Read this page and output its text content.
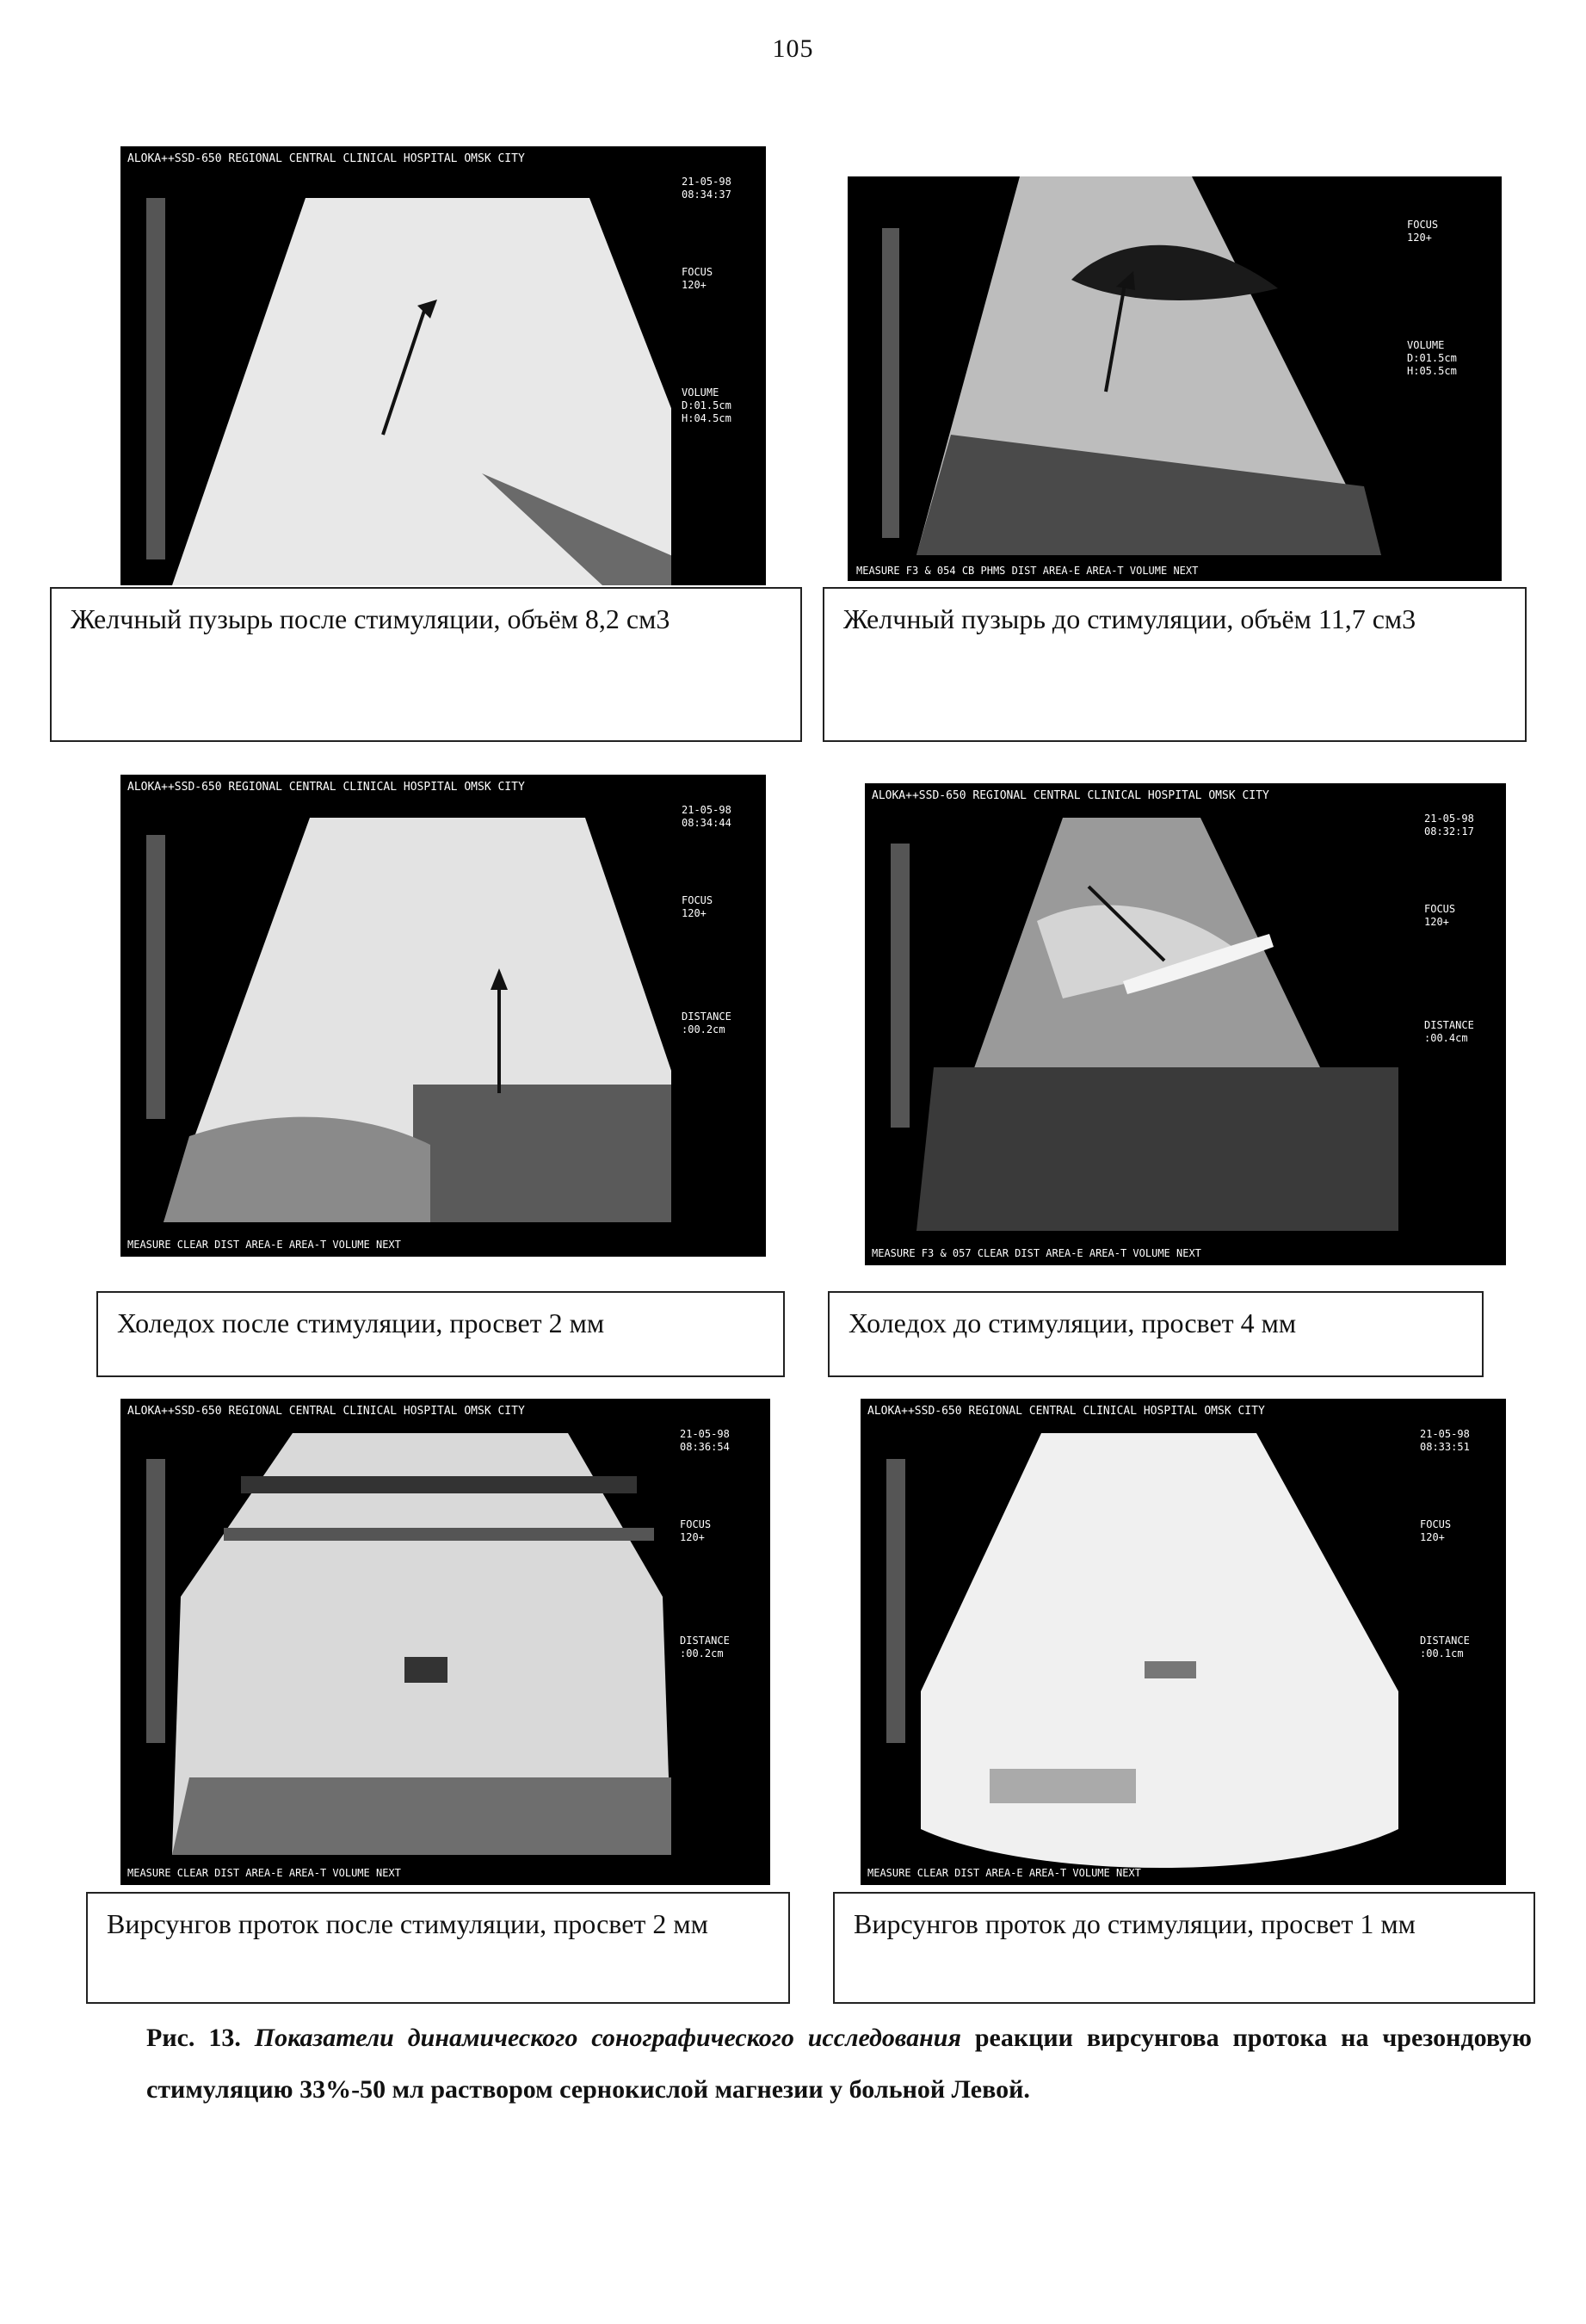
105
ALOKA++SSD-650 REGIONAL CENTRAL CLINICAL HOSPITAL OMSK CITY
21-05-98
08:34:37
FOCUS
120+
VOLUME
D:01.5cm
H:04.5cm
FOCUS
120+
VOLUME
D:01.5cm
H:05.5cm
MEASURE F3 & 054 CB PHMS DIST AREA-E AREA-T VOLUME NEXT
Желчный пузырь после стимуляции, объём 8,2 см3	Желчный пузырь до стимуляции, объём 11,7 см3
ALOKA++SSD-650 REGIONAL CENTRAL CLINICAL HOSPITAL OMSK CITY
21-05-98
08:34:44
FOCUS
120+
DISTANCE
:00.2cm
MEASURE CLEAR DIST AREA-E AREA-T VOLUME NEXT
ALOKA++SSD-650 REGIONAL CENTRAL CLINICAL HOSPITAL OMSK CITY
21-05-98
08:32:17
FOCUS
120+
DISTANCE
:00.4cm
MEASURE F3 & 057 CLEAR DIST AREA-E AREA-T VOLUME NEXT
Холедох после стимуляции, просвет 2 мм	Холедох до стимуляции, просвет 4 мм
ALOKA++SSD-650 REGIONAL CENTRAL CLINICAL HOSPITAL OMSK CITY
21-05-98
08:36:54
FOCUS
120+
DISTANCE
:00.2cm
MEASURE CLEAR DIST AREA-E AREA-T VOLUME NEXT
ALOKA++SSD-650 REGIONAL CENTRAL CLINICAL HOSPITAL OMSK CITY
21-05-98
08:33:51
FOCUS
120+
DISTANCE
:00.1cm
MEASURE CLEAR DIST AREA-E AREA-T VOLUME NEXT
Вирсунгов проток после стимуляции, просвет 2 мм	Вирсунгов проток до стимуляции, просвет 1 мм
Рис. 13. Показатели динамического сонографического исследования реакции вирсунгова протока на чрезондовую стимуляцию 33%-50 мл раствором сернокислой магнезии у больной Левой.
